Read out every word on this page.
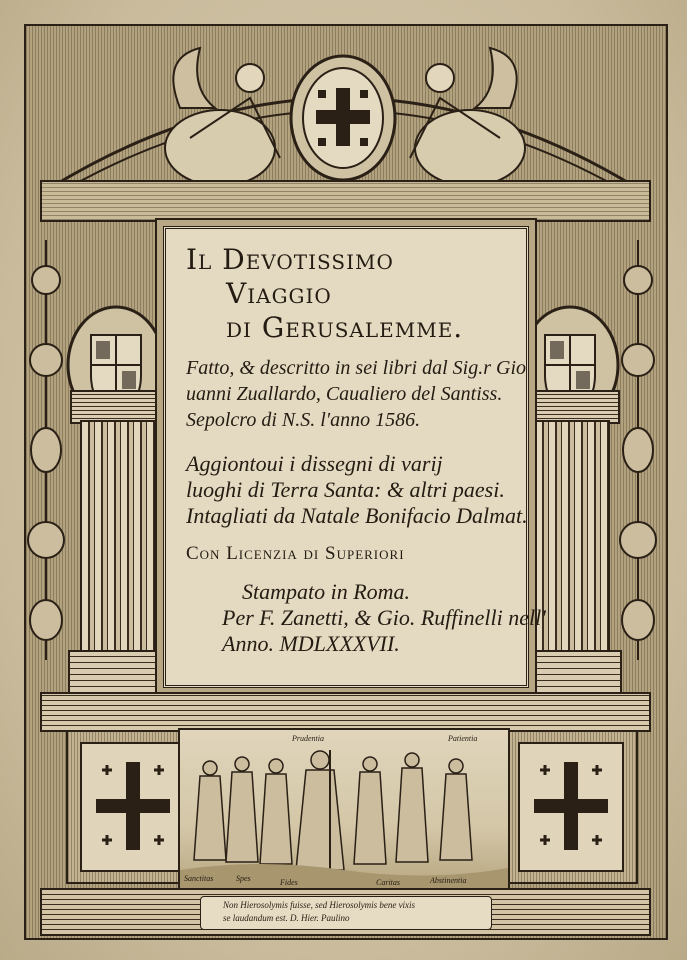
Il Devotissimo
Viaggio
di Gerusalemme.
Fatto, & descritto in sei libri dal Sig.r Gio
uanni Zuallardo, Caualiero del Santiss.
Sepolcro di N.S. l'anno 1586.
Aggiontoui i dissegni di varij
luoghi di Terra Santa: & altri paesi.
Intagliati da Natale Bonifacio Dalmat.
Con Licenzia di Superiori
Stampato in Roma.
Per F. Zanetti, & Gio. Ruffinelli nell'
Anno. MDLXXXVII.
Prudentia	Patientia
Sanctitas	Spes	Fides	Caritas	Abstinentia
Non Hierosolymis fuisse, sed Hierosolymis bene vixis
se laudandum est. D. Hier. Paulino
